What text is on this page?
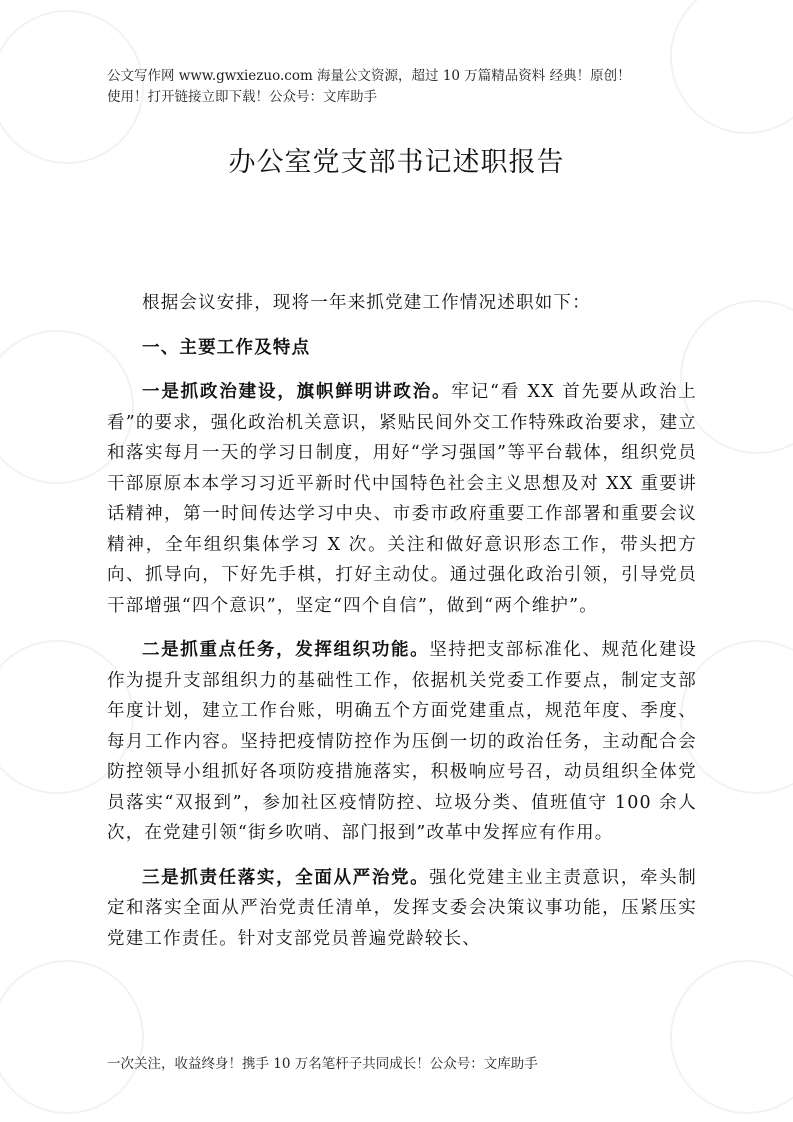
公文写作网 www.gwxiezuo.com 海量公文资源，超过 10 万篇精品资料 经典！原创！
使用！打开链接立即下载！公众号：文库助手
办公室党支部书记述职报告

根据会议安排，现将一年来抓党建工作情况述职如下：

一、主要工作及特点

一是抓政治建设，旗帜鲜明讲政治。牢记“看 XX 首先要从政治上看”的要求，强化政治机关意识，紧贴民间外交工作特殊政治要求，建立和落实每月一天的学习日制度，用好“学习强国”等平台载体，组织党员干部原原本本学习习近平新时代中国特色社会主义思想及对 XX 重要讲话精神，第一时间传达学习中央、市委市政府重要工作部署和重要会议精神，全年组织集体学习 X 次。关注和做好意识形态工作，带头把方向、抓导向，下好先手棋，打好主动仗。通过强化政治引领，引导党员干部增强“四个意识”，坚定“四个自信”，做到“两个维护”。

二是抓重点任务，发挥组织功能。坚持把支部标准化、规范化建设作为提升支部组织力的基础性工作，依据机关党委工作要点，制定支部年度计划，建立工作台账，明确五个方面党建重点，规范年度、季度、每月工作内容。坚持把疫情防控作为压倒一切的政治任务，主动配合会防控领导小组抓好各项防疫措施落实，积极响应号召，动员组织全体党员落实“双报到”，参加社区疫情防控、垃圾分类、值班值守 100 余人次，在党建引领“街乡吹哨、部门报到”改革中发挥应有作用。

三是抓责任落实，全面从严治党。强化党建主业主责意识，牵头制定和落实全面从严治党责任清单，发挥支委会决策议事功能，压紧压实党建工作责任。针对支部党员普遍党龄较长、

一次关注，收益终身！携手 10 万名笔杆子共同成长！公众号：文库助手
